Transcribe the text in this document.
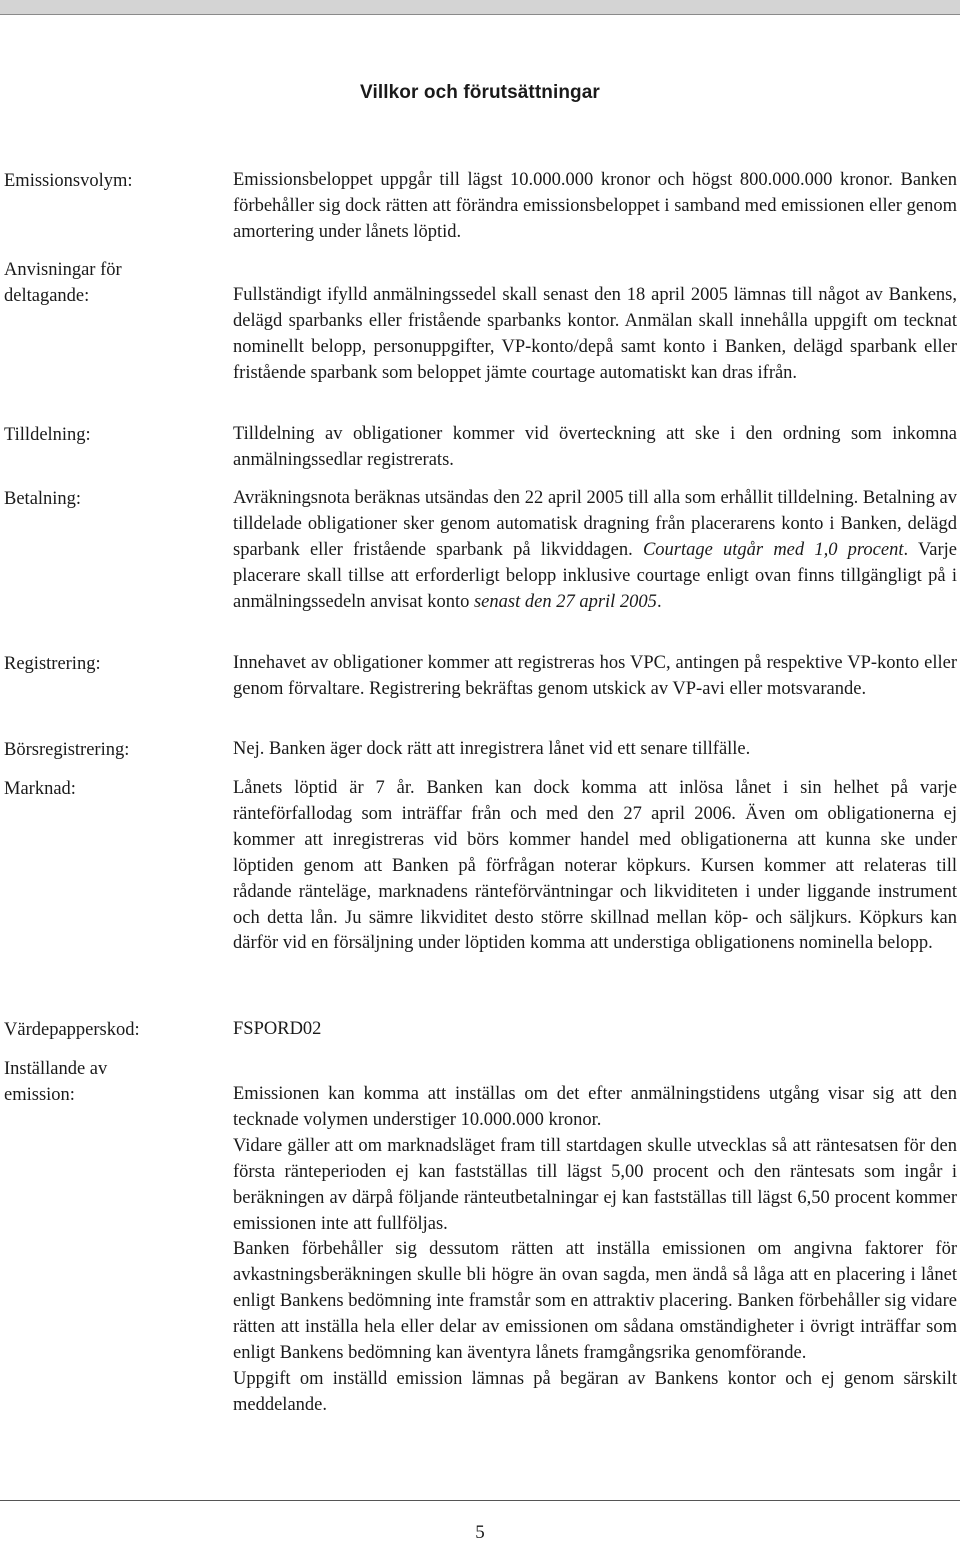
Villkor och förutsättningar

Emissionsvolym:	Emissionsbeloppet uppgår till lägst 10.000.000 kronor och högst 800.000.000 kronor. Banken förbehåller sig dock rätten att förändra emissionsbeloppet i samband med emissionen eller genom amortering under lånets löptid.

Anvisningar för
deltagande:	Fullständigt ifylld anmälningssedel skall senast den 18 april 2005 lämnas till något av Bankens, delägd sparbanks eller fristående sparbanks kontor. Anmälan skall innehålla uppgift om tecknat nominellt belopp, personuppgifter, VP-konto/depå samt konto i Banken, delägd sparbank eller fristående sparbank som beloppet jämte courtage automatiskt kan dras ifrån.

Tilldelning:	Tilldelning av obligationer kommer vid överteckning att ske i den ordning som inkomna anmälningssedlar registrerats.

Betalning:	Avräkningsnota beräknas utsändas den 22 april 2005 till alla som erhållit tilldelning. Betalning av tilldelade obligationer sker genom automatisk dragning från placerarens konto i Banken, delägd sparbank eller fristående sparbank på likviddagen. Courtage utgår med 1,0 procent. Varje placerare skall tillse att erforderligt belopp inklusive courtage enligt ovan finns tillgängligt på i anmälningssedeln anvisat konto senast den 27 april 2005.

Registrering:	Innehavet av obligationer kommer att registreras hos VPC, antingen på respektive VP-konto eller genom förvaltare. Registrering bekräftas genom utskick av VP-avi eller motsvarande.

Börsregistrering:	Nej. Banken äger dock rätt att inregistrera lånet vid ett senare tillfälle.

Marknad:	Lånets löptid är 7 år. Banken kan dock komma att inlösa lånet i sin helhet på varje ränteförfallodag som inträffar från och med den 27 april 2006. Även om obligationerna ej kommer att inregistreras vid börs kommer handel med obligationerna att kunna ske under löptiden genom att Banken på förfrågan noterar köpkurs. Kursen kommer att relateras till rådande ränteläge, marknadens ränteförväntningar och likviditeten i under liggande instrument och detta lån. Ju sämre likviditet desto större skillnad mellan köp- och säljkurs. Köpkurs kan därför vid en försäljning under löptiden komma att understiga obligationens nominella belopp.

Värdepapperskod:	FSPORD02

Inställande av
emission:	Emissionen kan komma att inställas om det efter anmälningstidens utgång visar sig att den tecknade volymen understiger 10.000.000 kronor.
Vidare gäller att om marknadsläget fram till startdagen skulle utvecklas så att räntesatsen för den första ränteperioden ej kan fastställas till lägst 5,00 procent och den räntesats som ingår i beräkningen av därpå följande ränteutbetalningar ej kan fastställas till lägst 6,50 procent kommer emissionen inte att fullföljas.
Banken förbehåller sig dessutom rätten att inställa emissionen om angivna faktorer för avkastningsberäkningen skulle bli högre än ovan sagda, men ändå så låga att en placering i lånet enligt Bankens bedömning inte framstår som en attraktiv placering. Banken förbehåller sig vidare rätten att inställa hela eller delar av emissionen om sådana omständigheter i övrigt inträffar som enligt Bankens bedömning kan äventyra lånets framgångsrika genomförande.
Uppgift om inställd emission lämnas på begäran av Bankens kontor och ej genom särskilt meddelande.

5
